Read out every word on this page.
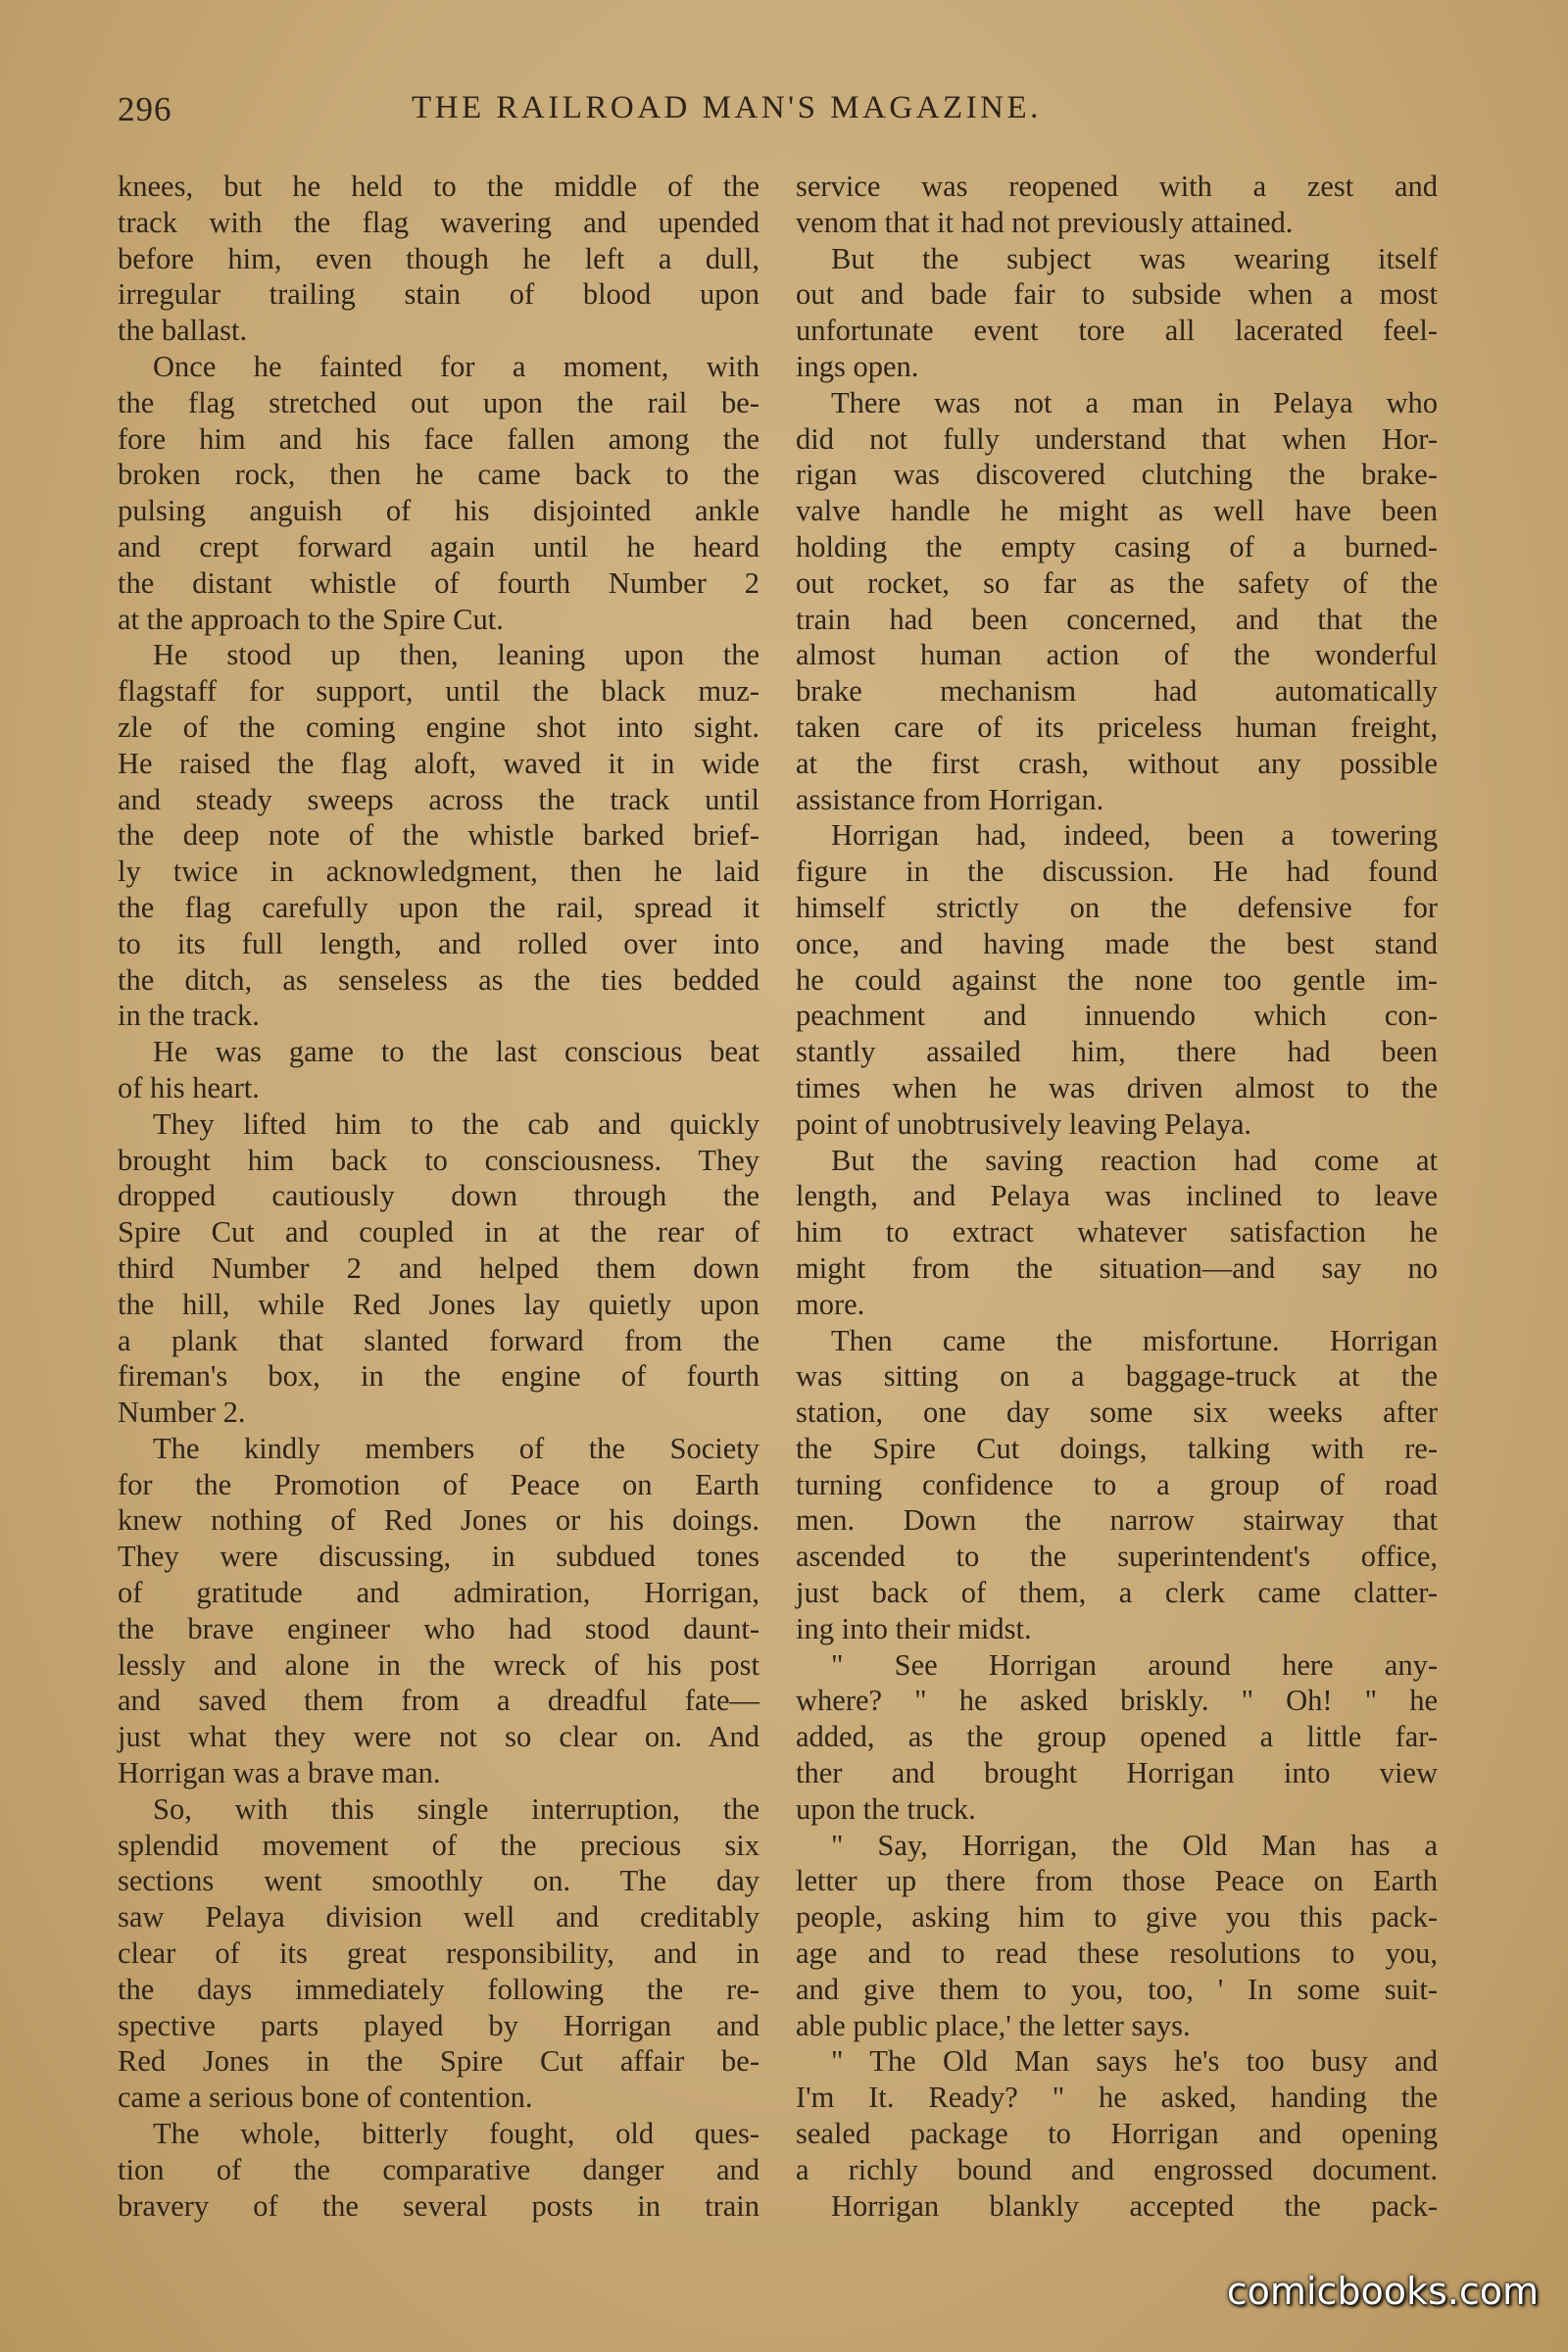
296	THE RAILROAD MAN'S MAGAZINE.
knees, but he held to the middle of the
track with the flag wavering and upended
before him, even though he left a dull,
irregular trailing stain of blood upon
the ballast.
Once he fainted for a moment, with
the flag stretched out upon the rail be-
fore him and his face fallen among the
broken rock, then he came back to the
pulsing anguish of his disjointed ankle
and crept forward again until he heard
the distant whistle of fourth Number 2
at the approach to the Spire Cut.
He stood up then, leaning upon the
flagstaff for support, until the black muz-
zle of the coming engine shot into sight.
He raised the flag aloft, waved it in wide
and steady sweeps across the track until
the deep note of the whistle barked brief-
ly twice in acknowledgment, then he laid
the flag carefully upon the rail, spread it
to its full length, and rolled over into
the ditch, as senseless as the ties bedded
in the track.
He was game to the last conscious beat
of his heart.
They lifted him to the cab and quickly
brought him back to consciousness. They
dropped cautiously down through the
Spire Cut and coupled in at the rear of
third Number 2 and helped them down
the hill, while Red Jones lay quietly upon
a plank that slanted forward from the
fireman's box, in the engine of fourth
Number 2.
The kindly members of the Society
for the Promotion of Peace on Earth
knew nothing of Red Jones or his doings.
They were discussing, in subdued tones
of gratitude and admiration, Horrigan,
the brave engineer who had stood daunt-
lessly and alone in the wreck of his post
and saved them from a dreadful fate—
just what they were not so clear on. And
Horrigan was a brave man.
So, with this single interruption, the
splendid movement of the precious six
sections went smoothly on. The day
saw Pelaya division well and creditably
clear of its great responsibility, and in
the days immediately following the re-
spective parts played by Horrigan and
Red Jones in the Spire Cut affair be-
came a serious bone of contention.
The whole, bitterly fought, old ques-
tion of the comparative danger and
bravery of the several posts in train
service was reopened with a zest and
venom that it had not previously attained.
But the subject was wearing itself
out and bade fair to subside when a most
unfortunate event tore all lacerated feel-
ings open.
There was not a man in Pelaya who
did not fully understand that when Hor-
rigan was discovered clutching the brake-
valve handle he might as well have been
holding the empty casing of a burned-
out rocket, so far as the safety of the
train had been concerned, and that the
almost human action of the wonderful
brake mechanism had automatically
taken care of its priceless human freight,
at the first crash, without any possible
assistance from Horrigan.
Horrigan had, indeed, been a towering
figure in the discussion. He had found
himself strictly on the defensive for
once, and having made the best stand
he could against the none too gentle im-
peachment and innuendo which con-
stantly assailed him, there had been
times when he was driven almost to the
point of unobtrusively leaving Pelaya.
But the saving reaction had come at
length, and Pelaya was inclined to leave
him to extract whatever satisfaction he
might from the situation—and say no
more.
Then came the misfortune. Horrigan
was sitting on a baggage-truck at the
station, one day some six weeks after
the Spire Cut doings, talking with re-
turning confidence to a group of road
men. Down the narrow stairway that
ascended to the superintendent's office,
just back of them, a clerk came clatter-
ing into their midst.
" See Horrigan around here any-
where? " he asked briskly. " Oh! " he
added, as the group opened a little far-
ther and brought Horrigan into view
upon the truck.
" Say, Horrigan, the Old Man has a
letter up there from those Peace on Earth
people, asking him to give you this pack-
age and to read these resolutions to you,
and give them to you, too, ' In some suit-
able public place,' the letter says.
" The Old Man says he's too busy and
I'm It. Ready? " he asked, handing the
sealed package to Horrigan and opening
a richly bound and engrossed document.
Horrigan blankly accepted the pack-
comicbooks.com
